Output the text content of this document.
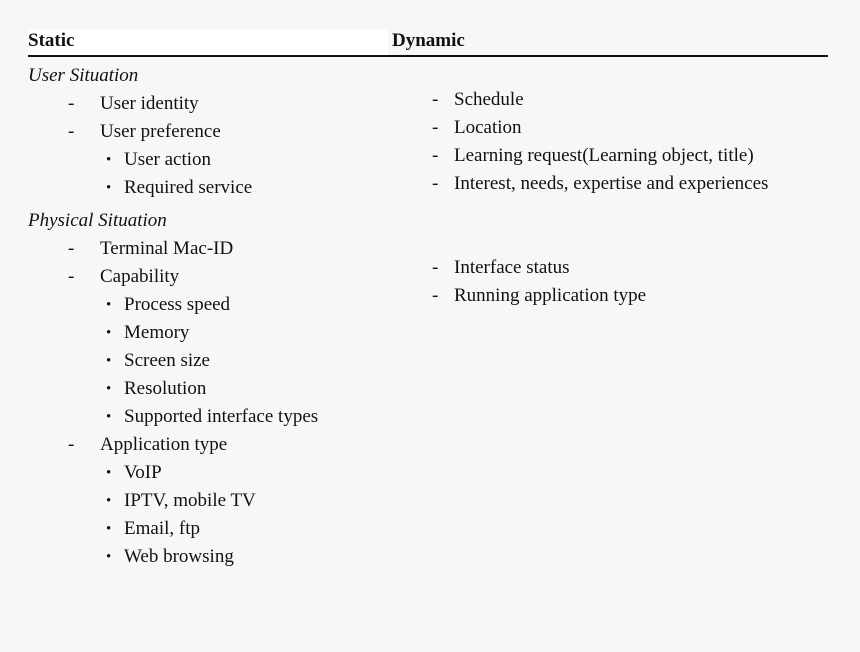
Static	Dynamic
User Situation
- User identity
- User preference
• User action
• Required service
Physical Situation
- Terminal Mac-ID
- Capability
• Process speed
• Memory
• Screen size
• Resolution
• Supported interface types
- Application type
• VoIP
• IPTV, mobile TV
• Email, ftp
• Web browsing
- Schedule
- Location
- Learning request(Learning object, title)
- Interest, needs, expertise and experiences
- Interface status
- Running application type
